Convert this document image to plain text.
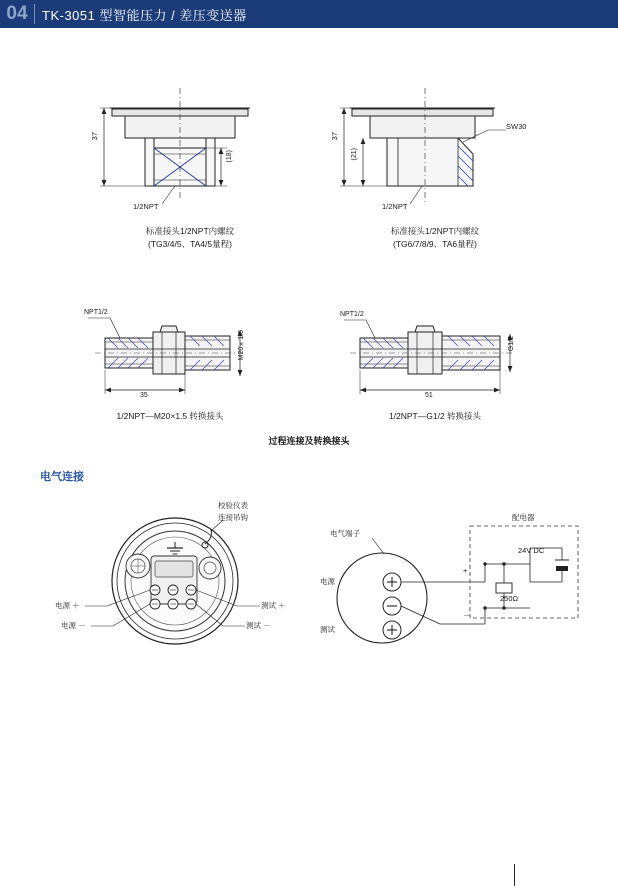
04	TK-3051 型智能压力 / 差压变送器
37
(18)
1/2NPT
标准接头1/2NPT内螺纹
(TG3/4/5、TA4/5量程)
37
(21)
SW30
1/2NPT
标准接头1/2NPT内螺纹
(TG6/7/8/9、TA6量程)
NPT1/2
M20×1.5
35
1/2NPT—M20×1.5 转换接头
NPT1/2
G1/2
51
1/2NPT—G1/2 转换接头
过程连接及转换接头
电气连接
校验仪表
连接吊钩
电源 ＋
电源 －
测试 ＋
测试 －
电气端子
电源
测试
+
－
配电器
24V DC
250Ω
